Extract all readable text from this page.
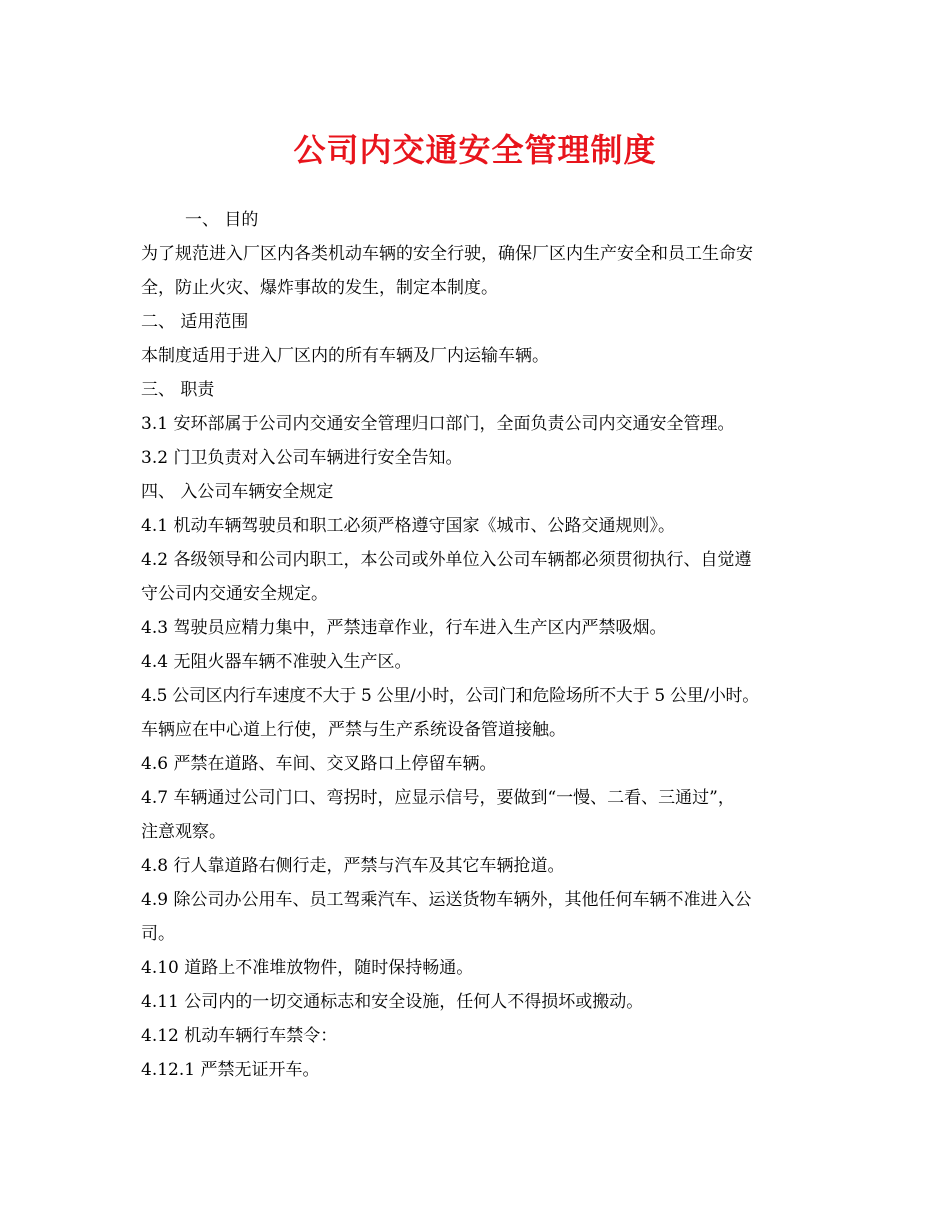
公司内交通安全管理制度
一、 目的
为了规范进入厂区内各类机动车辆的安全行驶，确保厂区内生产安全和员工生命安
全，防止火灾、爆炸事故的发生，制定本制度。
二、 适用范围
本制度适用于进入厂区内的所有车辆及厂内运输车辆。
三、 职责
3.1 安环部属于公司内交通安全管理归口部门，全面负责公司内交通安全管理。
3.2 门卫负责对入公司车辆进行安全告知。
四、 入公司车辆安全规定
4.1 机动车辆驾驶员和职工必须严格遵守国家《城市、公路交通规则》。
4.2 各级领导和公司内职工，本公司或外单位入公司车辆都必须贯彻执行、自觉遵
守公司内交通安全规定。
4.3 驾驶员应精力集中，严禁违章作业，行车进入生产区内严禁吸烟。
4.4 无阻火器车辆不准驶入生产区。
4.5 公司区内行车速度不大于 5 公里/小时，公司门和危险场所不大于 5 公里/小时。
车辆应在中心道上行使，严禁与生产系统设备管道接触。
4.6 严禁在道路、车间、交叉路口上停留车辆。
4.7 车辆通过公司门口、弯拐时，应显示信号，要做到“一慢、二看、三通过”，
注意观察。
4.8 行人靠道路右侧行走，严禁与汽车及其它车辆抢道。
4.9 除公司办公用车、员工驾乘汽车、运送货物车辆外，其他任何车辆不准进入公
司。
4.10 道路上不准堆放物件，随时保持畅通。
4.11 公司内的一切交通标志和安全设施，任何人不得损坏或搬动。
4.12 机动车辆行车禁令：
4.12.1 严禁无证开车。
